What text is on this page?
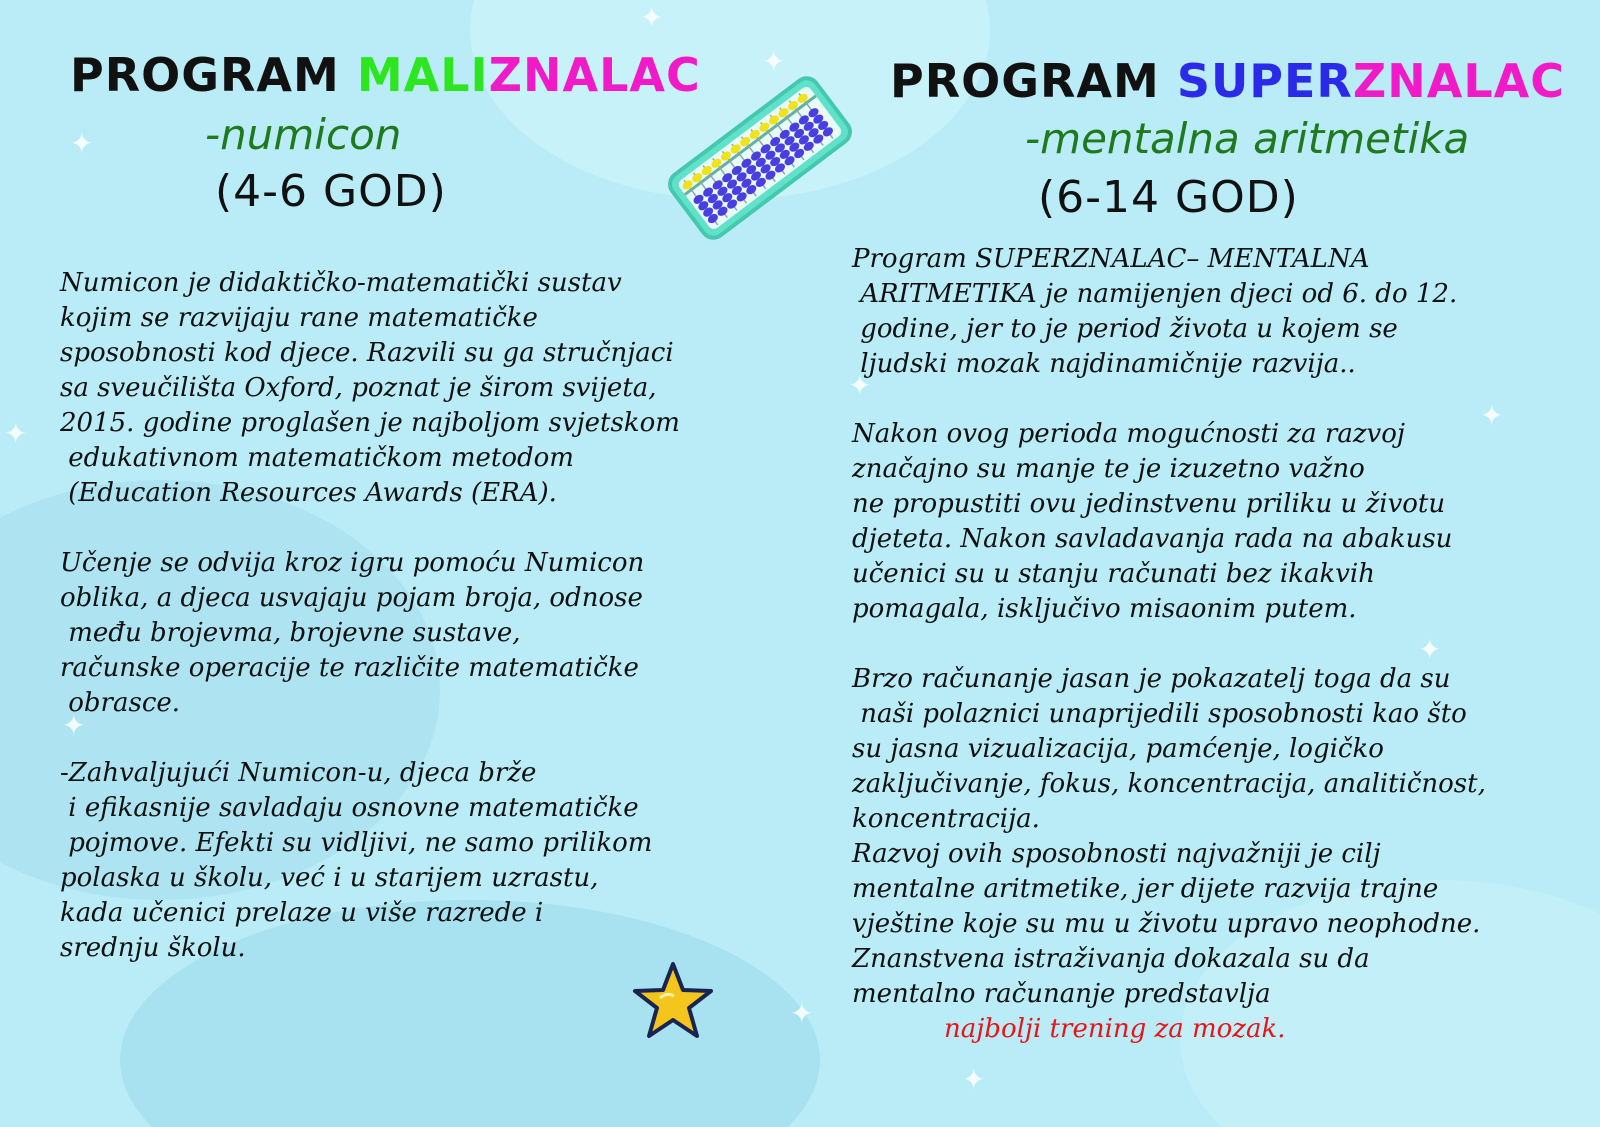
✦
✦
✦
✦
✦
✦
✦
✦
✦
✦
PROGRAM MALIZNALAC

-numicon

(4-6 GOD)

Numicon je didaktičko-matematički sustav
kojim se razvijaju rane matematičke
sposobnosti kod djece. Razvili su ga stručnjaci
sa sveučilišta Oxford, poznat je širom svijeta,
2015. godine proglašen je najboljom svjetskom
edukativnom matematičkom metodom
(Education Resources Awards (ERA).

Učenje se odvija kroz igru pomoću Numicon
oblika, a djeca usvajaju pojam broja, odnose
među brojevma, brojevne sustave,
računske operacije te različite matematičke
obrasce.

-Zahvaljujući Numicon-u, djeca brže
i efikasnije savladaju osnovne matematičke
pojmove. Efekti su vidljivi, ne samo prilikom
polaska u školu, već i u starijem uzrastu,
kada učenici prelaze u više razrede i
srednju školu.

PROGRAM SUPERZNALAC

-mentalna aritmetika

(6-14 GOD)

Program SUPERZNALAC– MENTALNA
ARITMETIKA je namijenjen djeci od 6. do 12.
godine, jer to je period života u kojem se
ljudski mozak najdinamičnije razvija..

Nakon ovog perioda mogućnosti za razvoj
značajno su manje te je izuzetno važno
ne propustiti ovu jedinstvenu priliku u životu
djeteta. Nakon savladavanja rada na abakusu
učenici su u stanju računati bez ikakvih
pomagala, isključivo misaonim putem.

Brzo računanje jasan je pokazatelj toga da su
naši polaznici unaprijedili sposobnosti kao što
su jasna vizualizacija, pamćenje, logičko
zaključivanje, fokus, koncentracija, analitičnost,
koncentracija.
Razvoj ovih sposobnosti najvažniji je cilj
mentalne aritmetike, jer dijete razvija trajne
vještine koje su mu u životu upravo neophodne.
Znanstvena istraživanja dokazala su da
mentalno računanje predstavlja

najbolji trening za mozak.
